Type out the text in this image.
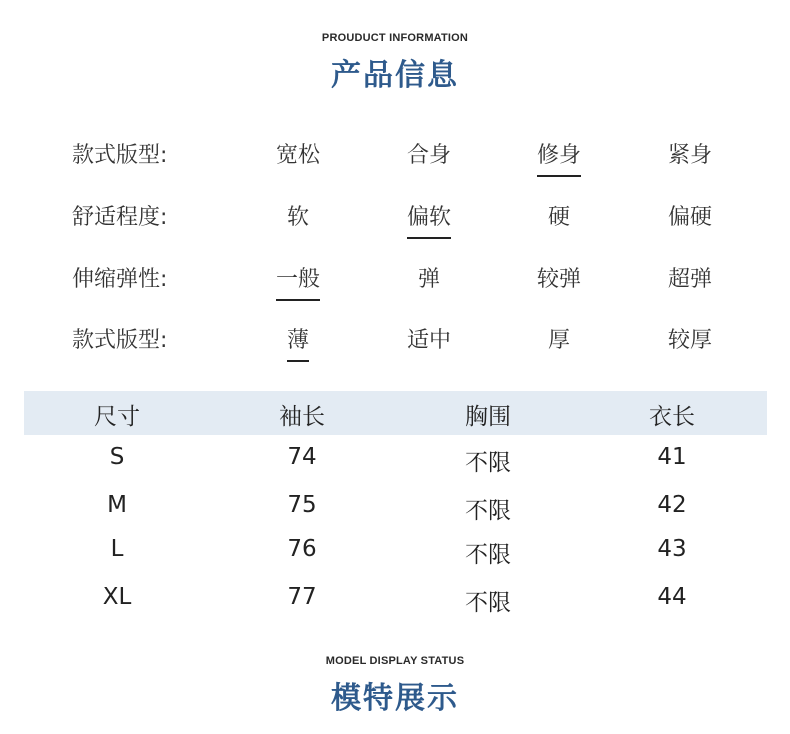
PROUDUCT INFORMATION
产品信息
款式版型:	宽松	合身	修身	紧身
舒适程度:	软	偏软	硬	偏硬
伸缩弹性:	一般	弹	较弹	超弹
款式版型:	薄	适中	厚	较厚
尺寸	袖长	胸围	衣长
S	74	不限	41
M	75	不限	42
L	76	不限	43
XL	77	不限	44
MODEL DISPLAY STATUS
模特展示
